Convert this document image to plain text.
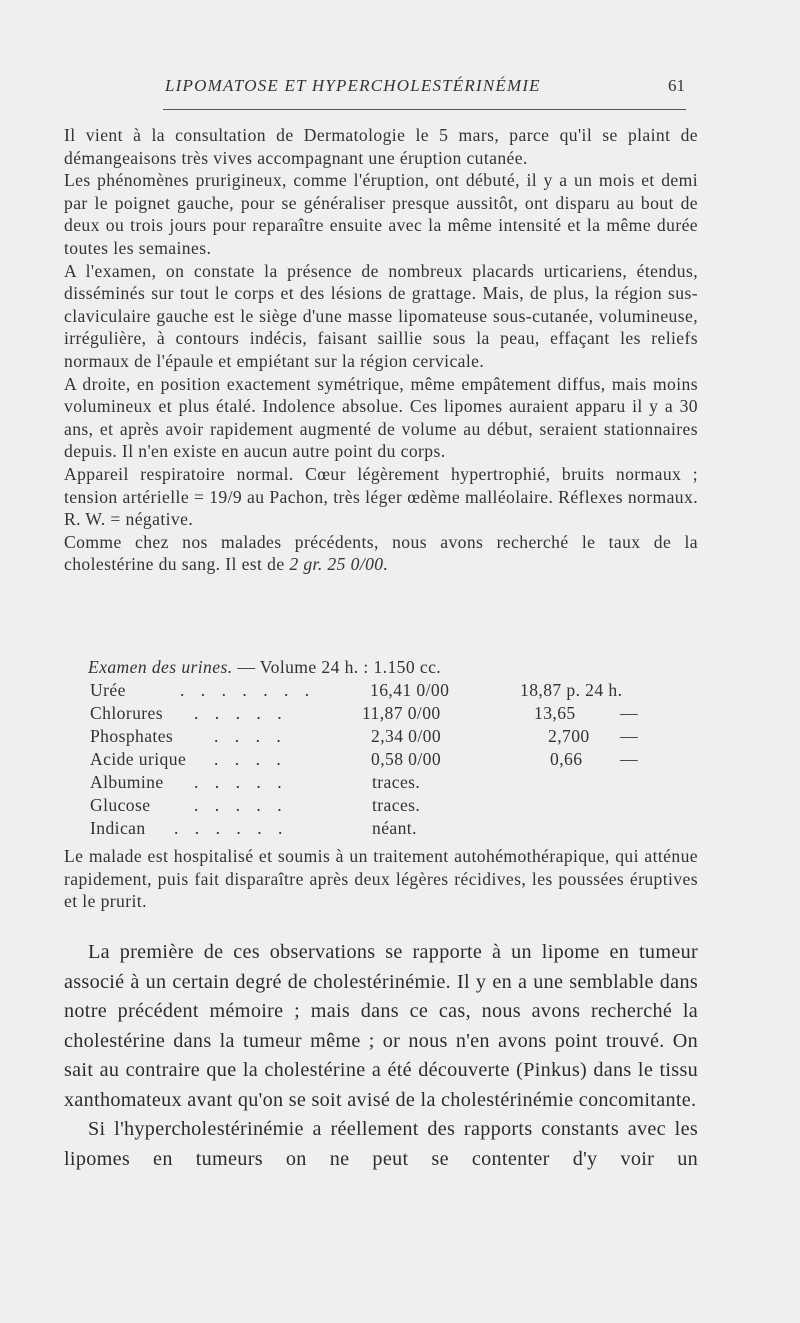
LIPOMATOSE ET HYPERCHOLESTÉRINÉMIE	61

Il vient à la consultation de Dermatologie le 5 mars, parce qu'il se plaint de démangeaisons très vives accompagnant une éruption cutanée.

Les phénomènes prurigineux, comme l'éruption, ont débuté, il y a un mois et demi par le poignet gauche, pour se généraliser presque aussitôt, ont disparu au bout de deux ou trois jours pour reparaître ensuite avec la même intensité et la même durée toutes les semaines.

A l'examen, on constate la présence de nombreux placards urticariens, étendus, disséminés sur tout le corps et des lésions de grattage. Mais, de plus, la région sus-claviculaire gauche est le siège d'une masse lipomateuse sous-cutanée, volumineuse, irrégulière, à contours indécis, faisant saillie sous la peau, effaçant les reliefs normaux de l'épaule et empiétant sur la région cervicale.

A droite, en position exactement symétrique, même empâtement diffus, mais moins volumineux et plus étalé. Indolence absolue. Ces lipomes auraient apparu il y a 30 ans, et après avoir rapidement augmenté de volume au début, seraient stationnaires depuis. Il n'en existe en aucun autre point du corps.

Appareil respiratoire normal. Cœur légèrement hypertrophié, bruits normaux ; tension artérielle = 19/9 au Pachon, très léger œdème malléolaire. Réflexes normaux. R. W. = négative.

Comme chez nos malades précédents, nous avons recherché le taux de la cholestérine du sang. Il est de 2 gr. 25 0/00.

Examen des urines. — Volume 24 h. : 1.150 cc.
Urée	. . . . . . .	16,41 0/00	18,87 p. 24 h.
Chlorures . . . . .	11,87 0/00	13,65	—
Phosphates . . . .	2,34 0/00	2,700 —
Acide urique . . . .	0,58 0/00	0,66 —
Albumine . . . . .	traces.
Glucose . . . . .	traces.
Indican . . . . . .	néant.

Le malade est hospitalisé et soumis à un traitement autohémothérapique, qui atténue rapidement, puis fait disparaître après deux légères récidives, les poussées éruptives et le prurit.

La première de ces observations se rapporte à un lipome en tumeur associé à un certain degré de cholestérinémie. Il y en a une semblable dans notre précédent mémoire ; mais dans ce cas, nous avons recherché la cholestérine dans la tumeur même ; or nous n'en avons point trouvé. On sait au contraire que la cholestérine a été découverte (Pinkus) dans le tissu xanthomateux avant qu'on se soit avisé de la cholestérinémie concomitante.

Si l'hypercholestérinémie a réellement des rapports constants avec les lipomes en tumeurs on ne peut se contenter d'y voir un
